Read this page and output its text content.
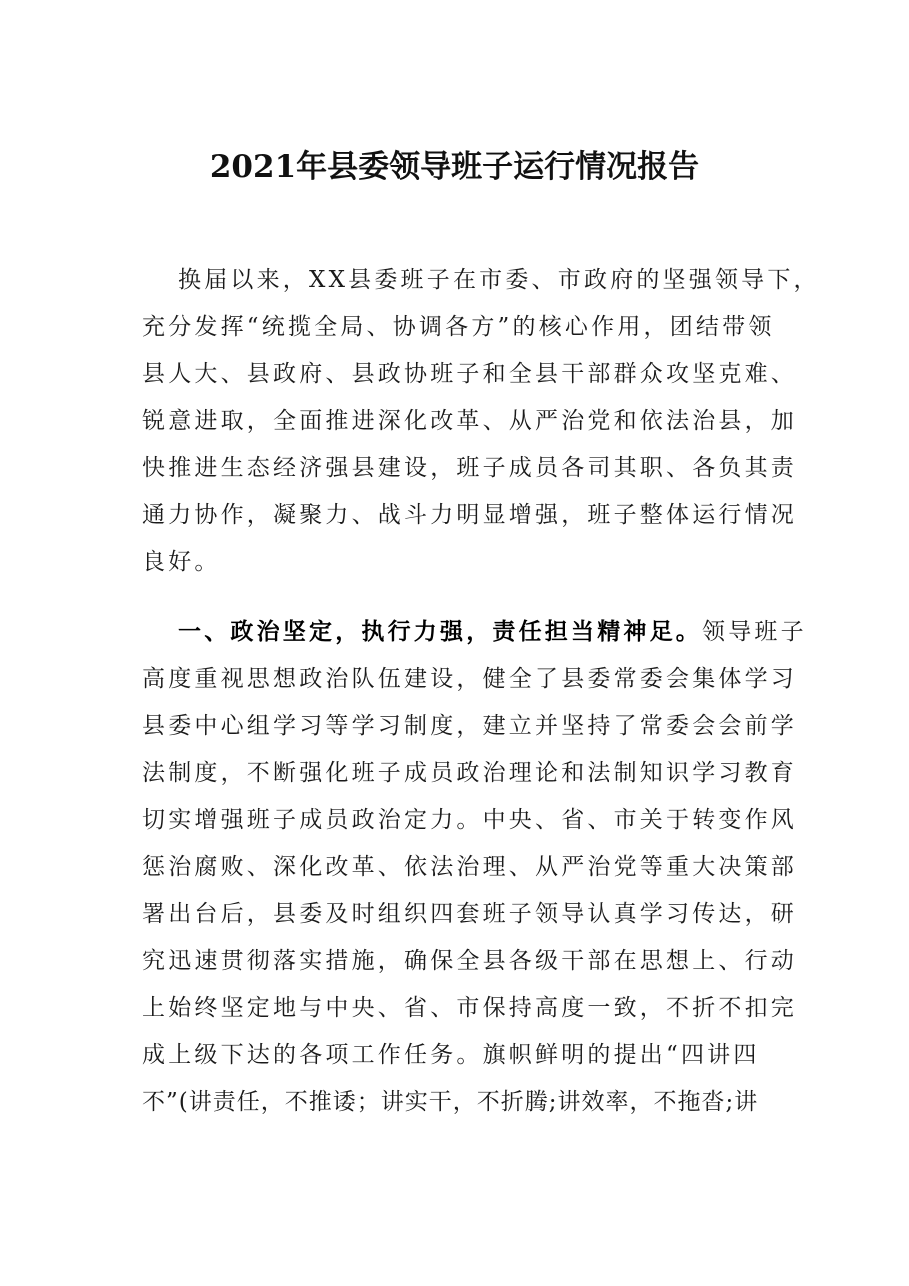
2021年县委领导班子运行情况报告
换届以来，XX县委班子在市委、市政府的坚强领导下，
充分发挥“统揽全局、协调各方”的核心作用，团结带领
县人大、县政府、县政协班子和全县干部群众攻坚克难、
锐意进取，全面推进深化改革、从严治党和依法治县，加
快推进生态经济强县建设，班子成员各司其职、各负其责
通力协作，凝聚力、战斗力明显增强，班子整体运行情况
良好。
一、政治坚定，执行力强，责任担当精神足。领导班子
高度重视思想政治队伍建设，健全了县委常委会集体学习
县委中心组学习等学习制度，建立并坚持了常委会会前学
法制度，不断强化班子成员政治理论和法制知识学习教育
切实增强班子成员政治定力。中央、省、市关于转变作风
惩治腐败、深化改革、依法治理、从严治党等重大决策部
署出台后，县委及时组织四套班子领导认真学习传达，研
究迅速贯彻落实措施，确保全县各级干部在思想上、行动
上始终坚定地与中央、省、市保持高度一致，不折不扣完
成上级下达的各项工作任务。旗帜鲜明的提出“四讲四
不”(讲责任，不推诿；讲实干，不折腾;讲效率，不拖沓;讲
